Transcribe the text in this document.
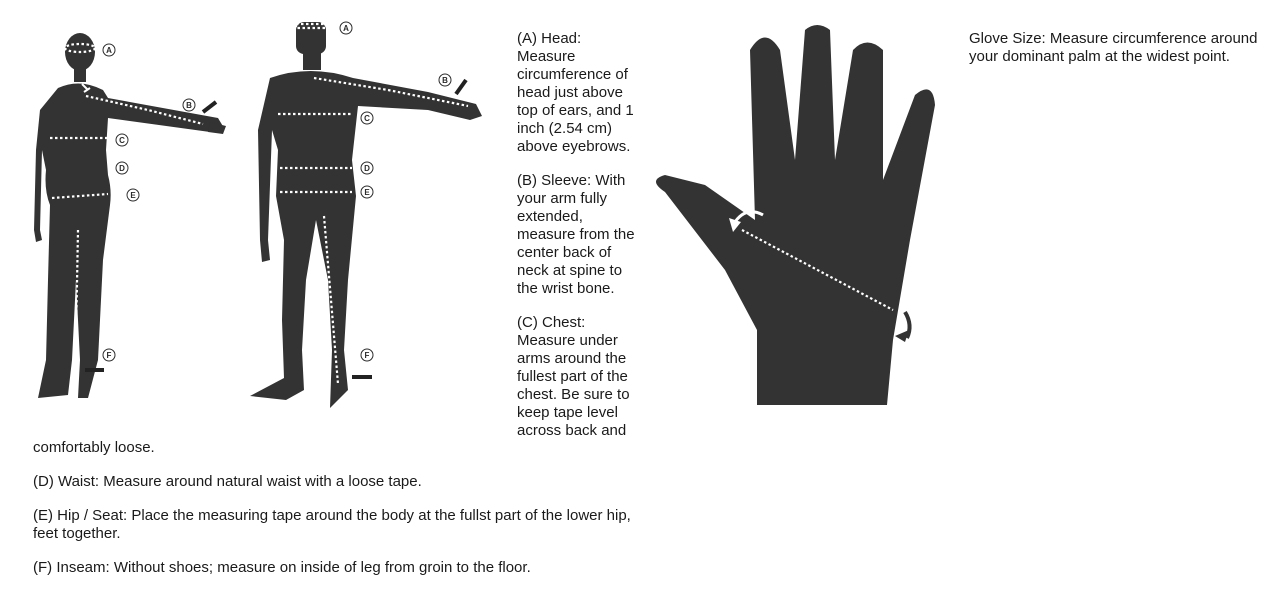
A
B
C
D
E
F
A
B
C
D
E
F

(A) Head: Measure circumference of head just above top of ears, and 1 inch (2.54 cm) above eyebrows.

(B) Sleeve: With your arm fully extended, measure from the center back of neck at spine to the wrist bone.

(C) Chest: Measure under arms around the fullest part of the chest. Be sure to keep tape level across back and

comfortably loose.

(D) Waist: Measure around natural waist with a loose tape.

(E) Hip / Seat: Place the measuring tape around the body at the fullst part of the lower hip, feet together.

(F) Inseam: Without shoes; measure on inside of leg from groin to the floor.

Glove Size: Measure circumference around your dominant palm at the widest point.
